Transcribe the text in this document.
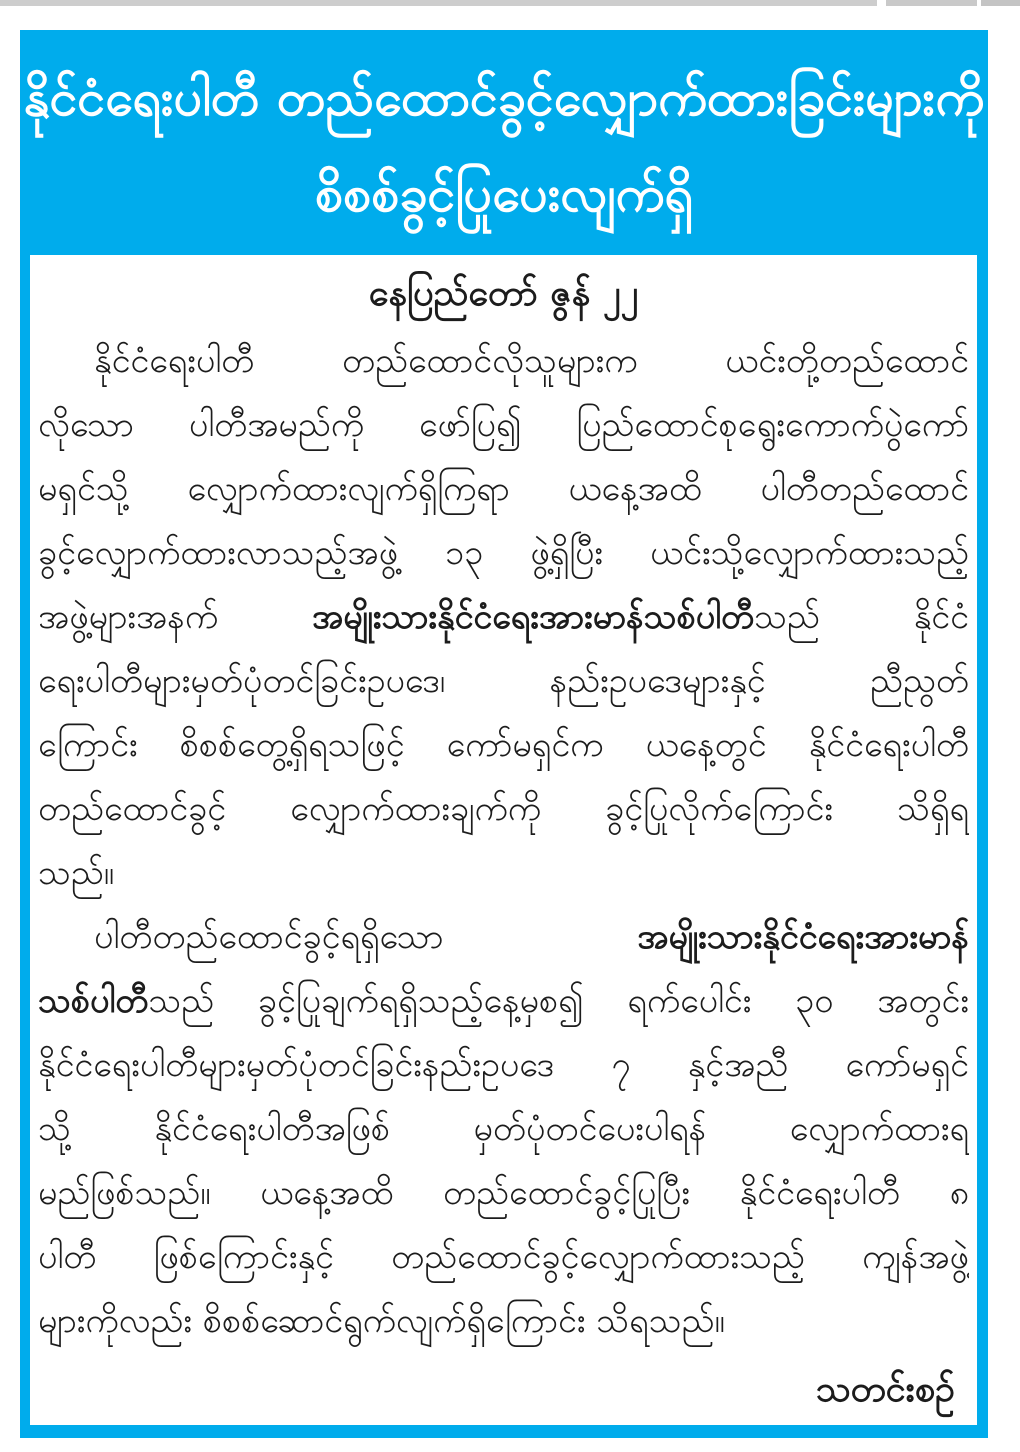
နိုင်ငံရေးပါတီ တည်ထောင်ခွင့်လျှောက်ထားခြင်းများကို
စိစစ်ခွင့်ပြုပေးလျက်ရှိ
နေပြည်တော် ဇွန် ၂၂
နိုင်ငံရေးပါတီ တည်ထောင်လိုသူများက ယင်းတို့တည်ထောင်
လိုသော ပါတီအမည်ကို ဖော်ပြ၍ ပြည်ထောင်စုရွေးကောက်ပွဲကော်
မရှင်သို့ လျှောက်ထားလျက်ရှိကြရာ ယနေ့အထိ ပါတီတည်ထောင်
ခွင့်လျှောက်ထားလာသည့်အဖွဲ့ ၁၃ ဖွဲ့ရှိပြီး ယင်းသို့လျှောက်ထားသည့်
အဖွဲ့များအနက် အမျိုးသားနိုင်ငံရေးအားမာန်သစ်ပါတီသည် နိုင်ငံ
ရေးပါတီများမှတ်ပုံတင်ခြင်းဥပဒေ၊ နည်းဥပဒေများနှင့် ညီညွတ်
ကြောင်း စိစစ်တွေ့ရှိရသဖြင့် ကော်မရှင်က ယနေ့တွင် နိုင်ငံရေးပါတီ
တည်ထောင်ခွင့် လျှောက်ထားချက်ကို ခွင့်ပြုလိုက်ကြောင်း သိရှိရ
သည်။
ပါတီတည်ထောင်ခွင့်ရရှိသော အမျိုးသားနိုင်ငံရေးအားမာန်
သစ်ပါတီသည် ခွင့်ပြုချက်ရရှိသည့်နေ့မှစ၍ ရက်ပေါင်း ၃၀ အတွင်း
နိုင်ငံရေးပါတီများမှတ်ပုံတင်ခြင်းနည်းဥပဒေ ၇ နှင့်အညီ ကော်မရှင်
သို့ နိုင်ငံရေးပါတီအဖြစ် မှတ်ပုံတင်ပေးပါရန် လျှောက်ထားရ
မည်ဖြစ်သည်။ ယနေ့အထိ တည်ထောင်ခွင့်ပြုပြီး နိုင်ငံရေးပါတီ ၈
ပါတီ ဖြစ်ကြောင်းနှင့် တည်ထောင်ခွင့်လျှောက်ထားသည့် ကျန်အဖွဲ့
များကိုလည်း စိစစ်ဆောင်ရွက်လျက်ရှိကြောင်း သိရသည်။
သတင်းစဉ်
